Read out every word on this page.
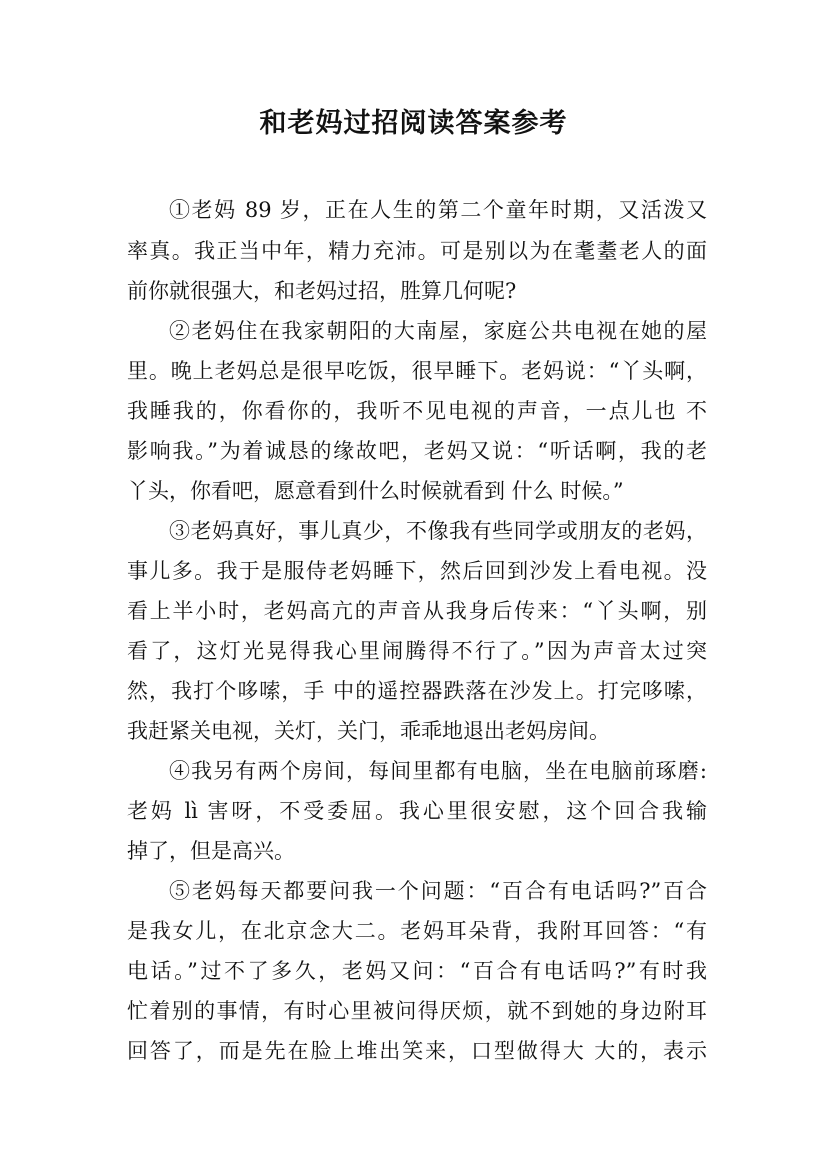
和老妈过招阅读答案参考
①老妈 89 岁，正在人生的第二个童年时期，又活泼又
率真。我正当中年，精力充沛。可是别以为在耄耋老人的面
前你就很强大，和老妈过招，胜算几何呢?
②老妈住在我家朝阳的大南屋，家庭公共电视在她的屋
里。晚上老妈总是很早吃饭，很早睡下。老妈说：“丫头啊，
我睡我的，你看你的，我听不见电视的声音，一点儿也 不
影响我。”为着诚恳的缘故吧，老妈又说：“听话啊，我的老
丫头，你看吧，愿意看到什么时候就看到 什么 时候。”
③老妈真好，事儿真少，不像我有些同学或朋友的老妈，
事儿多。我于是服侍老妈睡下，然后回到沙发上看电视。没
看上半小时，老妈高亢的声音从我身后传来：“丫头啊，别
看了，这灯光晃得我心里闹腾得不行了。”因为声音太过突
然，我打个哆嗦，手 中的遥控器跌落在沙发上。打完哆嗦，
我赶紧关电视，关灯，关门，乖乖地退出老妈房间。
④我另有两个房间，每间里都有电脑，坐在电脑前琢磨:
老妈 lì 害呀，不受委屈。我心里很安慰，这个回合我输
掉了，但是高兴。
⑤老妈每天都要问我一个问题：“百合有电话吗?”百合
是我女儿，在北京念大二。老妈耳朵背，我附耳回答：“有
电话。”过不了多久，老妈又问：“百合有电话吗?”有时我
忙着别的事情，有时心里被问得厌烦，就不到她的身边附耳
回答了，而是先在脸上堆出笑来，口型做得大 大的，表示
